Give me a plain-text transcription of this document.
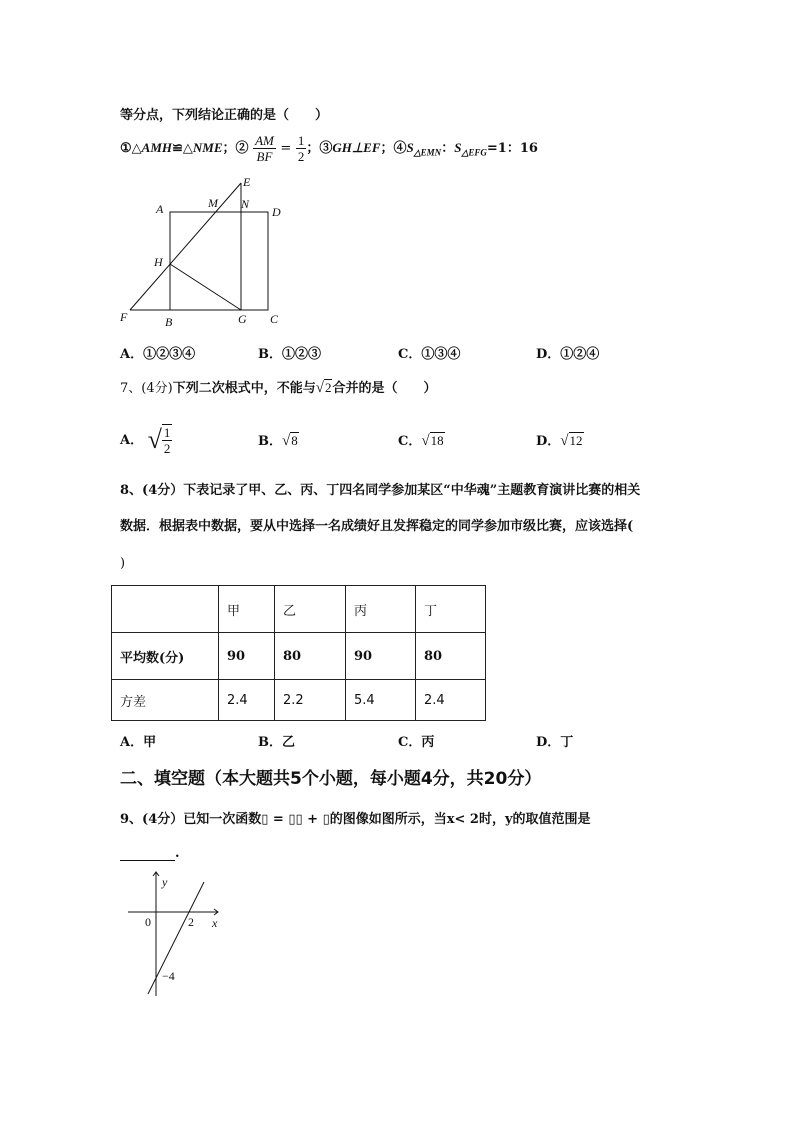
等分点，下列结论正确的是（　　）
①△AMH≌△NME；② $\frac{AM}{BF} = \frac{1}{2}$ ；③GH⊥EF；$④S_{\triangle EMN}$：$S_{\triangle EFG}=1$：16
E
M N
A	D
H
F	B	G C
A．①②③④	B．①②③	C．①③④	D．①②④
7、(4分)下列二次根式中，不能与√2合并的是（　　）
A． √ $\frac{1}{2}$	B．√8	C．√18	D．√12
8、(4分）下表记录了甲、乙、丙、丁四名同学参加某区“中华魂”主题教育演讲比赛的相关
数据．根据表中数据，要从中选择一名成绩好且发挥稳定的同学参加市级比赛，应该选择(
)
	甲	乙	丙	丁
平均数(分)	90	80	90	80
方差	2.4	2.2	5.4	2.4
A．甲	B．乙	C．丙	D．丁
二、填空题（本大题共5个小题，每小题4分，共20分）
9、(4分）已知一次函数▯ = ▯▯ + ▯的图像如图所示，当x< 2时，y的取值范围是
.
y
x
0	2
−4
